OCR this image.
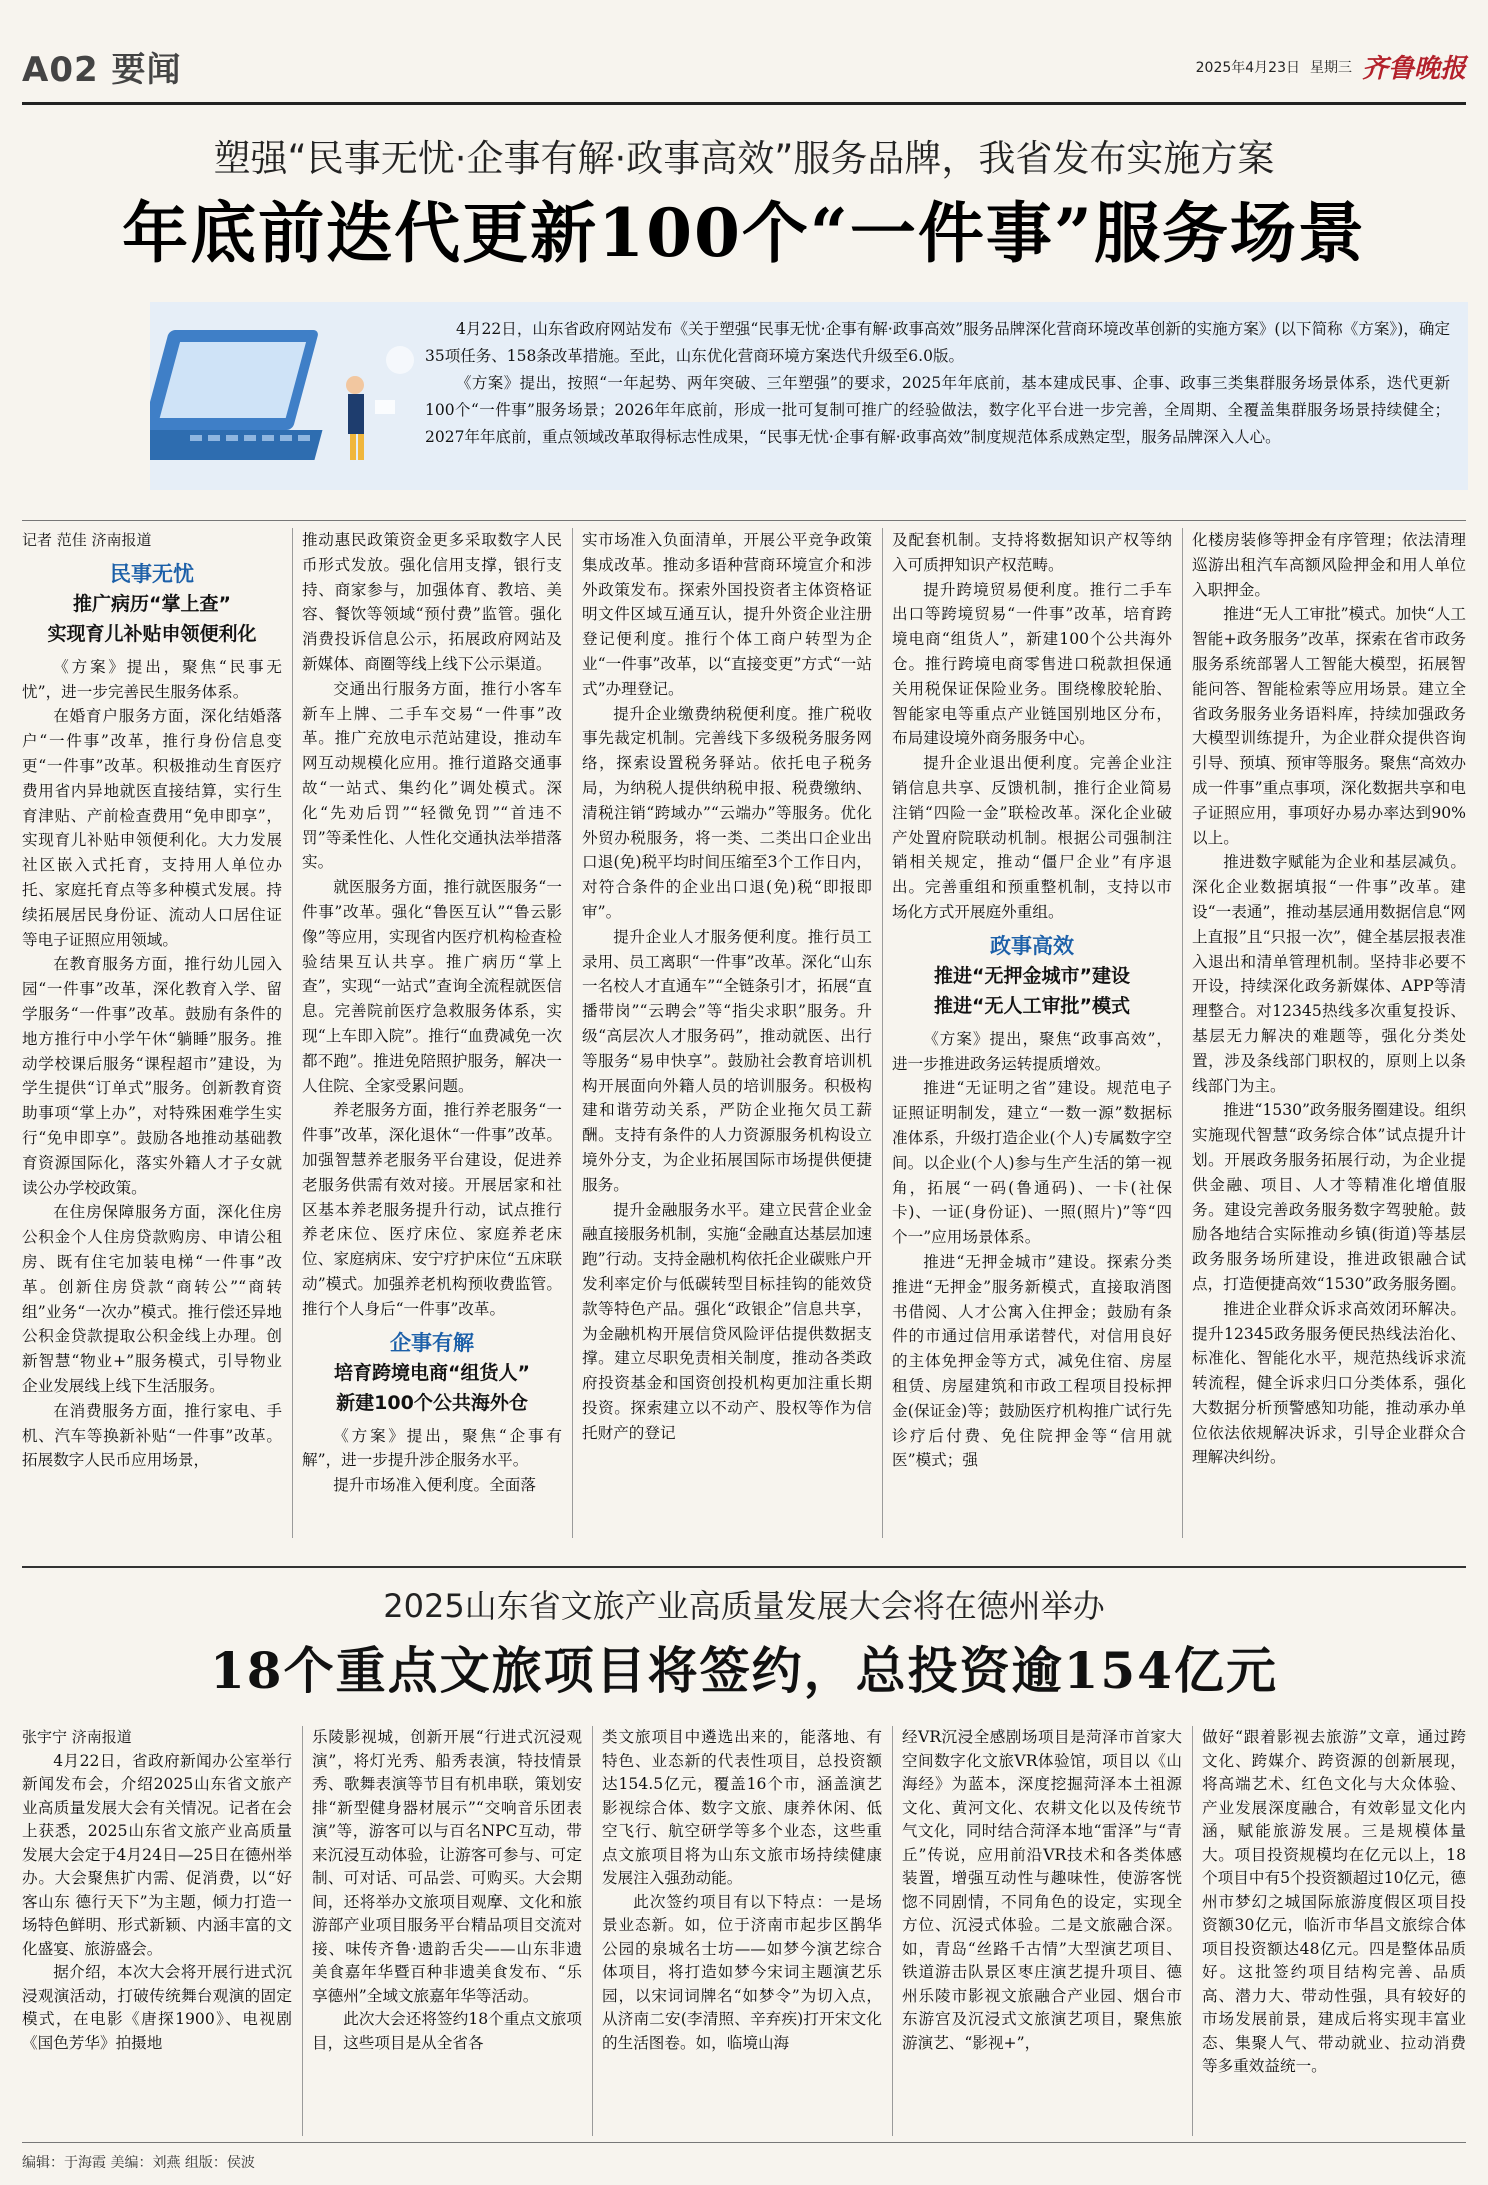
A02 要闻	2025年4月23日 星期三 齐鲁晚报
塑强“民事无忧·企事有解·政事高效”服务品牌，我省发布实施方案
年底前迭代更新100个“一件事”服务场景

4月22日，山东省政府网站发布《关于塑强“民事无忧·企事有解·政事高效”服务品牌深化营商环境改革创新的实施方案》(以下简称《方案》)，确定35项任务、158条改革措施。至此，山东优化营商环境方案迭代升级至6.0版。

《方案》提出，按照“一年起势、两年突破、三年塑强”的要求，2025年年底前，基本建成民事、企事、政事三类集群服务场景体系，迭代更新100个“一件事”服务场景；2026年年底前，形成一批可复制可推广的经验做法，数字化平台进一步完善，全周期、全覆盖集群服务场景持续健全；2027年年底前，重点领域改革取得标志性成果，“民事无忧·企事有解·政事高效”制度规范体系成熟定型，服务品牌深入人心。

记者 范佳 济南报道
民事无忧
推广病历“掌上查”
实现育儿补贴申领便利化

《方案》提出，聚焦“民事无忧”，进一步完善民生服务体系。

在婚育户服务方面，深化结婚落户“一件事”改革，推行身份信息变更“一件事”改革。积极推动生育医疗费用省内异地就医直接结算，实行生育津贴、产前检查费用“免申即享”，实现育儿补贴申领便利化。大力发展社区嵌入式托育，支持用人单位办托、家庭托育点等多种模式发展。持续拓展居民身份证、流动人口居住证等电子证照应用领域。

在教育服务方面，推行幼儿园入园“一件事”改革，深化教育入学、留学服务“一件事”改革。鼓励有条件的地方推行中小学午休“躺睡”服务。推动学校课后服务“课程超市”建设，为学生提供“订单式”服务。创新教育资助事项“掌上办”，对特殊困难学生实行“免申即享”。鼓励各地推动基础教育资源国际化，落实外籍人才子女就读公办学校政策。

在住房保障服务方面，深化住房公积金个人住房贷款购房、申请公租房、既有住宅加装电梯“一件事”改革。创新住房贷款“商转公”“商转组”业务“一次办”模式。推行偿还异地公积金贷款提取公积金线上办理。创新智慧“物业+”服务模式，引导物业企业发展线上线下生活服务。

在消费服务方面，推行家电、手机、汽车等换新补贴“一件事”改革。拓展数字人民币应用场景，

推动惠民政策资金更多采取数字人民币形式发放。强化信用支撑，银行支持、商家参与，加强体育、教培、美容、餐饮等领域“预付费”监管。强化消费投诉信息公示，拓展政府网站及新媒体、商圈等线上线下公示渠道。

交通出行服务方面，推行小客车新车上牌、二手车交易“一件事”改革。推广充放电示范站建设，推动车网互动规模化应用。推行道路交通事故“一站式、集约化”调处模式。深化“先劝后罚”“轻微免罚”“首违不罚”等柔性化、人性化交通执法举措落实。

就医服务方面，推行就医服务“一件事”改革。强化“鲁医互认”“鲁云影像”等应用，实现省内医疗机构检查检验结果互认共享。推广病历“掌上查”，实现“一站式”查询全流程就医信息。完善院前医疗急救服务体系，实现“上车即入院”。推行“血费减免一次都不跑”。推进免陪照护服务，解决一人住院、全家受累问题。

养老服务方面，推行养老服务“一件事”改革，深化退休“一件事”改革。加强智慧养老服务平台建设，促进养老服务供需有效对接。开展居家和社区基本养老服务提升行动，试点推行养老床位、医疗床位、家庭养老床位、家庭病床、安宁疗护床位“五床联动”模式。加强养老机构预收费监管。推行个人身后“一件事”改革。

企事有解
培育跨境电商“组货人”
新建100个公共海外仓

《方案》提出，聚焦“企事有解”，进一步提升涉企服务水平。

提升市场准入便利度。全面落

实市场准入负面清单，开展公平竞争政策集成改革。推动多语种营商环境宣介和涉外政策发布。探索外国投资者主体资格证明文件区域互通互认，提升外资企业注册登记便利度。推行个体工商户转型为企业“一件事”改革，以“直接变更”方式“一站式”办理登记。

提升企业缴费纳税便利度。推广税收事先裁定机制。完善线下多级税务服务网络，探索设置税务驿站。依托电子税务局，为纳税人提供纳税申报、税费缴纳、清税注销“跨域办”“云端办”等服务。优化外贸办税服务，将一类、二类出口企业出口退(免)税平均时间压缩至3个工作日内，对符合条件的企业出口退(免)税“即报即审”。

提升企业人才服务便利度。推行员工录用、员工离职“一件事”改革。深化“山东一名校人才直通车”“全链条引才，拓展“直播带岗”“云聘会”等“指尖求职”服务。升级“高层次人才服务码”，推动就医、出行等服务“易申快享”。鼓励社会教育培训机构开展面向外籍人员的培训服务。积极构建和谐劳动关系，严防企业拖欠员工薪酬。支持有条件的人力资源服务机构设立境外分支，为企业拓展国际市场提供便捷服务。

提升金融服务水平。建立民营企业金融直接服务机制，实施“金融直达基层加速跑”行动。支持金融机构依托企业碳账户开发利率定价与低碳转型目标挂钩的能效贷款等特色产品。强化“政银企”信息共享，为金融机构开展信贷风险评估提供数据支撑。建立尽职免责相关制度，推动各类政府投资基金和国资创投机构更加注重长期投资。探索建立以不动产、股权等作为信托财产的登记

及配套机制。支持将数据知识产权等纳入可质押知识产权范畴。

提升跨境贸易便利度。推行二手车出口等跨境贸易“一件事”改革，培育跨境电商“组货人”，新建100个公共海外仓。推行跨境电商零售进口税款担保通关用税保证保险业务。围绕橡胶轮胎、智能家电等重点产业链国别地区分布，布局建设境外商务服务中心。

提升企业退出便利度。完善企业注销信息共享、反馈机制，推行企业简易注销“四险一金”联检改革。深化企业破产处置府院联动机制。根据公司强制注销相关规定，推动“僵尸企业”有序退出。完善重组和预重整机制，支持以市场化方式开展庭外重组。

政事高效
推进“无押金城市”建设
推进“无人工审批”模式

《方案》提出，聚焦“政事高效”，进一步推进政务运转提质增效。

推进“无证明之省”建设。规范电子证照证明制发，建立“一数一源”数据标准体系，升级打造企业(个人)专属数字空间。以企业(个人)参与生产生活的第一视角，拓展“一码(鲁通码)、一卡(社保卡)、一证(身份证)、一照(照片)”等“四个一”应用场景体系。

推进“无押金城市”建设。探索分类推进“无押金”服务新模式，直接取消图书借阅、人才公寓入住押金；鼓励有条件的市通过信用承诺替代，对信用良好的主体免押金等方式，减免住宿、房屋租赁、房屋建筑和市政工程项目投标押金(保证金)等；鼓励医疗机构推广试行先诊疗后付费、免住院押金等“信用就医”模式；强

化楼房装修等押金有序管理；依法清理巡游出租汽车高额风险押金和用人单位入职押金。

推进“无人工审批”模式。加快“人工智能+政务服务”改革，探索在省市政务服务系统部署人工智能大模型，拓展智能问答、智能检索等应用场景。建立全省政务服务业务语料库，持续加强政务大模型训练提升，为企业群众提供咨询引导、预填、预审等服务。聚焦“高效办成一件事”重点事项，深化数据共享和电子证照应用，事项好办易办率达到90%以上。

推进数字赋能为企业和基层减负。深化企业数据填报“一件事”改革。建设“一表通”，推动基层通用数据信息“网上直报”且“只报一次”，健全基层报表准入退出和清单管理机制。坚持非必要不开设，持续深化政务新媒体、APP等清理整合。对12345热线多次重复投诉、基层无力解决的难题等，强化分类处置，涉及条线部门职权的，原则上以条线部门为主。

推进“1530”政务服务圈建设。组织实施现代智慧“政务综合体”试点提升计划。开展政务服务拓展行动，为企业提供金融、项目、人才等精准化增值服务。建设完善政务服务数字驾驶舱。鼓励各地结合实际推动乡镇(街道)等基层政务服务场所建设，推进政银融合试点，打造便捷高效“1530”政务服务圈。

推进企业群众诉求高效闭环解决。提升12345政务服务便民热线法治化、标准化、智能化水平，规范热线诉求流转流程，健全诉求归口分类体系，强化大数据分析预警感知功能，推动承办单位依法依规解决诉求，引导企业群众合理解决纠纷。

2025山东省文旅产业高质量发展大会将在德州举办
18个重点文旅项目将签约，总投资逾154亿元
张宇宁 济南报道

4月22日，省政府新闻办公室举行新闻发布会，介绍2025山东省文旅产业高质量发展大会有关情况。记者在会上获悉，2025山东省文旅产业高质量发展大会定于4月24日—25日在德州举办。大会聚焦扩内需、促消费，以“好客山东 德行天下”为主题，倾力打造一场特色鲜明、形式新颖、内涵丰富的文化盛宴、旅游盛会。

据介绍，本次大会将开展行进式沉浸观演活动，打破传统舞台观演的固定模式，在电影《唐探1900》、电视剧《国色芳华》拍摄地

乐陵影视城，创新开展“行进式沉浸观演”，将灯光秀、船秀表演，特技情景秀、歌舞表演等节目有机串联，策划安排“新型健身器材展示”“交响音乐团表演”等，游客可以与百名NPC互动，带来沉浸互动体验，让游客可参与、可定制、可对话、可品尝、可购买。大会期间，还将举办文旅项目观摩、文化和旅游部产业项目服务平台精品项目交流对接、味传齐鲁·遗韵舌尖——山东非遗美食嘉年华暨百种非遗美食发布、“乐享德州”全域文旅嘉年华等活动。

此次大会还将签约18个重点文旅项目，这些项目是从全省各

类文旅项目中遴选出来的，能落地、有特色、业态新的代表性项目，总投资额达154.5亿元，覆盖16个市，涵盖演艺影视综合体、数字文旅、康养休闲、低空飞行、航空研学等多个业态，这些重点文旅项目将为山东文旅市场持续健康发展注入强劲动能。

此次签约项目有以下特点：一是场景业态新。如，位于济南市起步区鹊华公园的泉城名士坊——如梦今演艺综合体项目，将打造如梦今宋词主题演艺乐园，以宋词词牌名“如梦令”为切入点，从济南二安(李清照、辛弃疾)打开宋文化的生活图卷。如，临境山海

经VR沉浸全感剧场项目是菏泽市首家大空间数字化文旅VR体验馆，项目以《山海经》为蓝本，深度挖掘菏泽本土祖源文化、黄河文化、农耕文化以及传统节气文化，同时结合菏泽本地“雷泽”与“青丘”传说，应用前沿VR技术和各类体感装置，增强互动性与趣味性，使游客恍惚不同剧情，不同角色的设定，实现全方位、沉浸式体验。二是文旅融合深。如，青岛“丝路千古情”大型演艺项目、铁道游击队景区枣庄演艺提升项目、德州乐陵市影视文旅融合产业园、烟台市东游宫及沉浸式文旅演艺项目，聚焦旅游演艺、“影视+”，

做好“跟着影视去旅游”文章，通过跨文化、跨媒介、跨资源的创新展现，将高端艺术、红色文化与大众体验、产业发展深度融合，有效彰显文化内涵，赋能旅游发展。三是规模体量大。项目投资规模均在亿元以上，18个项目中有5个投资额超过10亿元，德州市梦幻之城国际旅游度假区项目投资额30亿元，临沂市华昌文旅综合体项目投资额达48亿元。四是整体品质好。这批签约项目结构完善、品质高、潜力大、带动性强，具有较好的市场发展前景，建成后将实现丰富业态、集聚人气、带动就业、拉动消费等多重效益统一。

编辑：于海霞 美编：刘燕 组版：侯波
